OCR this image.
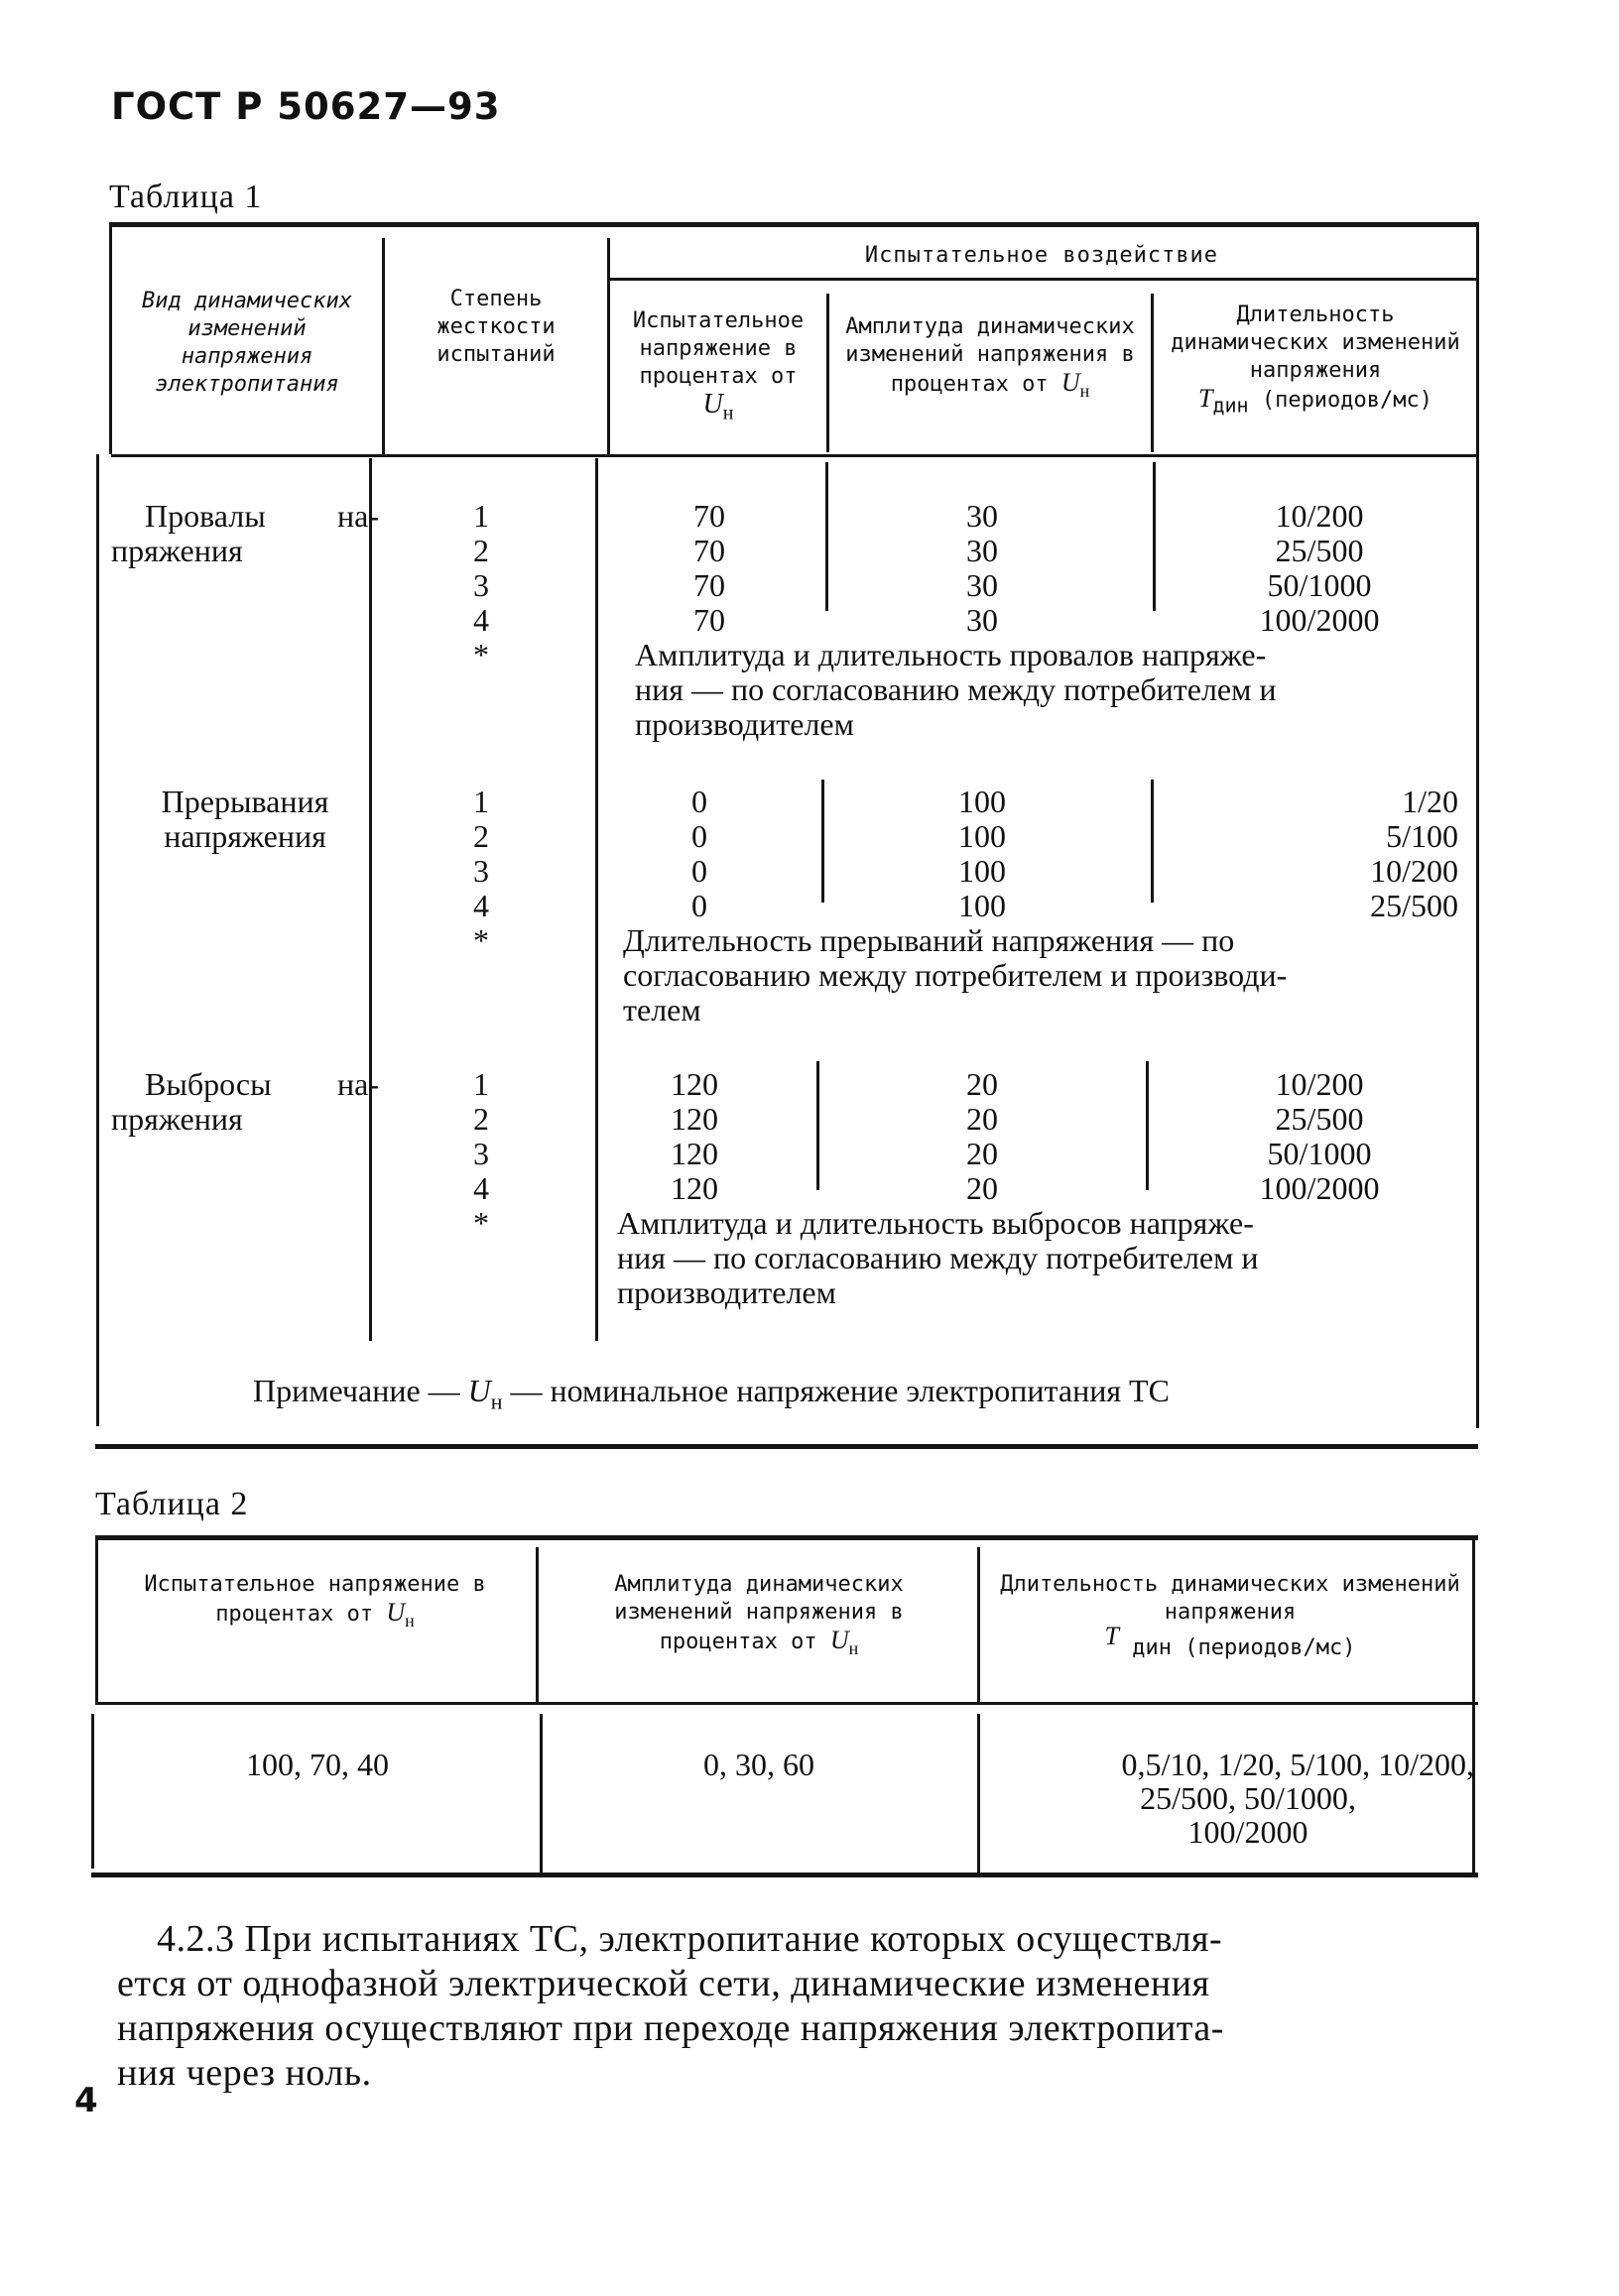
ГОСТ Р 50627—93
Таблица 1
Вид динамических изменений напряжения электропитания
Степень жесткости испытаний
Испытательное воздействие
Испытательное напряжение в процентах от
$U_н$
Амплитуда динамических изменений напряжения в процентах от $U_н$
Длительность динамических изменений напряжения
$T_{дин}$ (периодов/мс)
Провалы на-
пряжения
1
2
3
4
*
70
70
70
70
30
30
30
30
10/200
25/500
50/1000
100/2000
Амплитуда и длительность провалов напряже-
ния — по согласованию между потребителем и
производителем
Прерывания
напряжения
1
2
3
4
*
0
0
0
0
100
100
100
100
1/20
5/100
10/200
25/500
Длительность прерываний напряжения — по
согласованию между потребителем и производи-
телем
Выбросы на-
пряжения
1
2
3
4
*
120
120
120
120
20
20
20
20
10/200
25/500
50/1000
100/2000
Амплитуда и длительность выбросов напряже-
ния — по согласованию между потребителем и
производителем
Примечание — $U_н$ — номинальное напряжение электропитания ТС
Таблица 2
Испытательное напряжение в процентах от $U_н$
Амплитуда динамических изменений напряжения в процентах от $U_н$
Длительность динамических изменений напряжения
T дин (периодов/мс)
100, 70, 40	0, 30, 60	0,5/10, 1/20, 5/100, 10/200,
25/500, 50/1000,
100/2000
4.2.3 При испытаниях ТС, электропитание которых осуществля-
ется от однофазной электрической сети, динамические изменения
напряжения осуществляют при переходе напряжения электропита-
ния через ноль.
4
